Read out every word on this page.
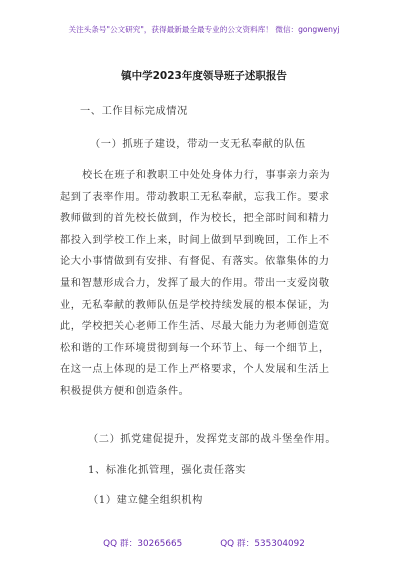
关注头条号"公文研究"，获得最新最全最专业的公文资料库！ 微信：gongwenyj
镇中学2023年度领导班子述职报告
一、工作目标完成情况
（一）抓班子建设，带动一支无私奉献的队伍
校长在班子和教职工中处处身体力行，事事亲力亲为
起到了表率作用。带动教职工无私奉献，忘我工作。要求
教师做到的首先校长做到，作为校长，把全部时间和精力
都投入到学校工作上来，时间上做到早到晚回，工作上不
论大小事情做到有安排、有督促、有落实。依靠集体的力
量和智慧形成合力，发挥了最大的作用。带出一支爱岗敬
业，无私奉献的教师队伍是学校持续发展的根本保证，为
此，学校把关心老师工作生活、尽最大能力为老师创造宽
松和谐的工作环境贯彻到每一个环节上、每一个细节上，
在这一点上体现的是工作上严格要求，个人发展和生活上
积极提供方便和创造条件。
（二）抓党建促提升，发挥党支部的战斗堡垒作用。
1、标准化抓管理，强化责任落实
（1）建立健全组织机构
QQ 群：30265665	QQ 群：535304092
